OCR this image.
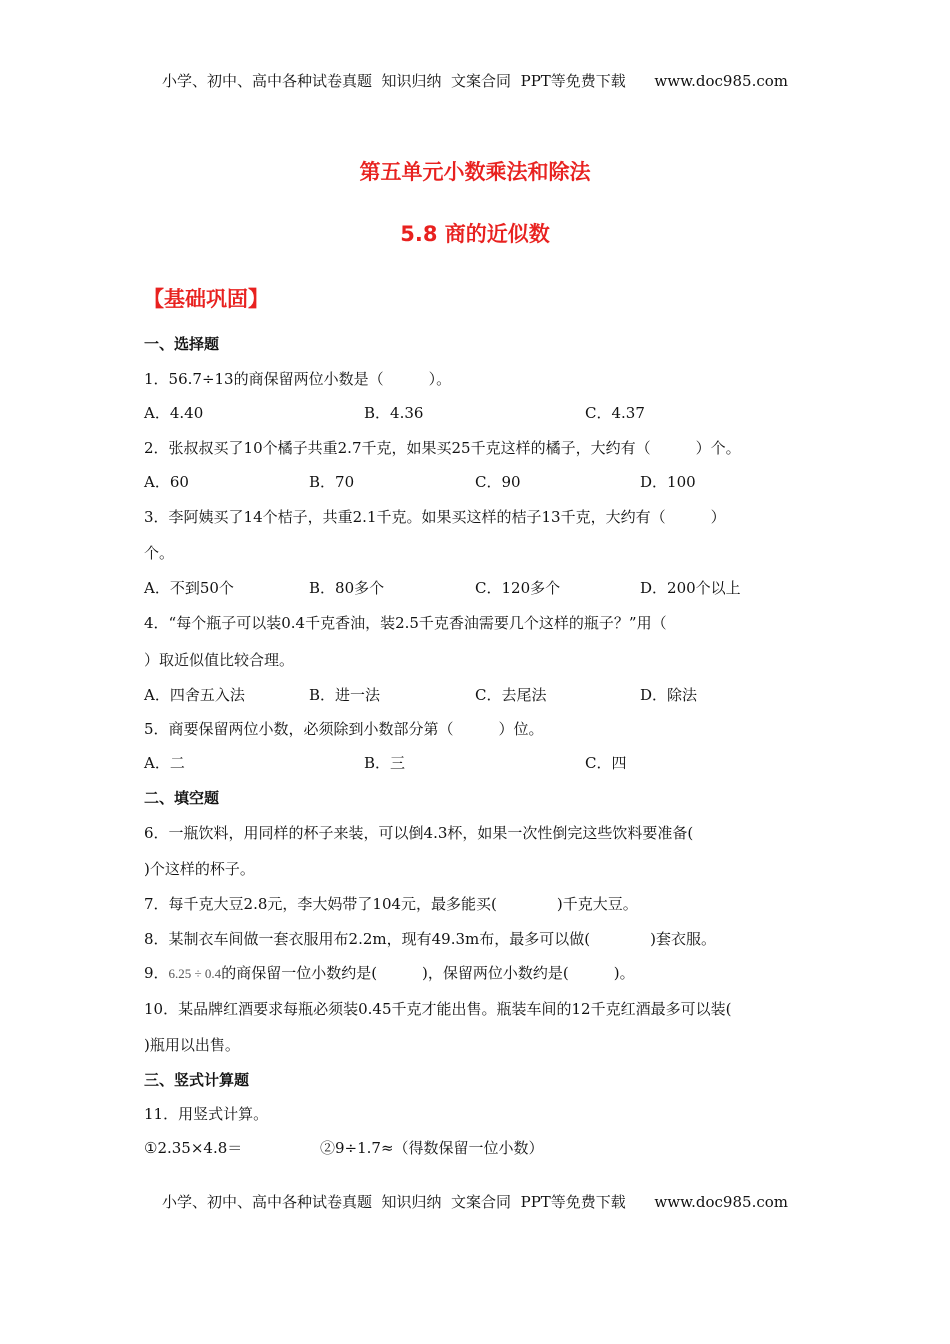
小学、初中、高中各种试卷真题  知识归纳  文案合同  PPT等免费下载      www.doc985.com
第五单元小数乘法和除法
5.8 商的近似数
【基础巩固】
一、选择题
1．56.7÷13的商保留两位小数是（　　　）。
A．4.40	B．4.36	C．4.37
2．张叔叔买了10个橘子共重2.7千克，如果买25千克这样的橘子，大约有（　　　）个。
A．60	B．70	C．90	D．100
3．李阿姨买了14个桔子，共重2.1千克。如果买这样的桔子13千克，大约有（　　　）
个。
A．不到50个	B．80多个	C．120多个	D．200个以上
4．“每个瓶子可以装0.4千克香油，装2.5千克香油需要几个这样的瓶子？”用（
）取近似值比较合理。
A．四舍五入法	B．进一法	C．去尾法	D．除法
5．商要保留两位小数，必须除到小数部分第（　　　）位。
A．二	B．三	C．四
二、填空题
6．一瓶饮料，用同样的杯子来装，可以倒4.3杯，如果一次性倒完这些饮料要准备(
)个这样的杯子。
7．每千克大豆2.8元，李大妈带了104元，最多能买(　　　　)千克大豆。
8．某制衣车间做一套衣服用布2.2m，现有49.3m布，最多可以做(　　　　)套衣服。
9．6.25 ÷ 0.4的商保留一位小数约是(　　　)，保留两位小数约是(　　　)。
10．某品牌红酒要求每瓶必须装0.45千克才能出售。瓶装车间的12千克红酒最多可以装(
)瓶用以出售。
三、竖式计算题
11．用竖式计算。
①2.35×4.8＝	②9÷1.7≈（得数保留一位小数）
小学、初中、高中各种试卷真题  知识归纳  文案合同  PPT等免费下载      www.doc985.com
